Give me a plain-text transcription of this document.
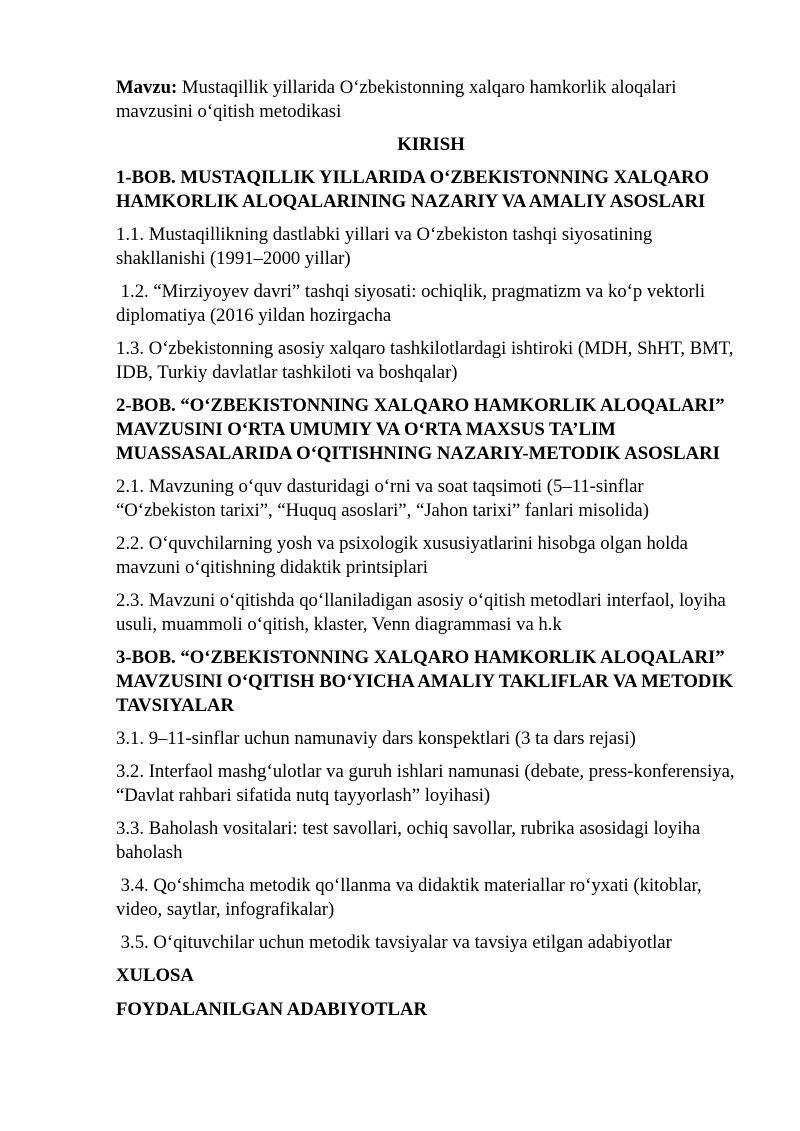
Mavzu: Mustaqillik yillarida O‘zbekistonning xalqaro hamkorlik aloqalari mavzusini o‘qitish metodikasi

KIRISH

1-BOB. MUSTAQILLIK YILLARIDA O‘ZBEKISTONNING XALQARO HAMKORLIK ALOQALARINING NAZARIY VA AMALIY ASOSLARI

1.1. Mustaqillikning dastlabki yillari va O‘zbekiston tashqi siyosatining shakllanishi (1991–2000 yillar)

1.2. “Mirziyoyev davri” tashqi siyosati: ochiqlik, pragmatizm va ko‘p vektorli diplomatiya (2016 yildan hozirgacha

1.3. O‘zbekistonning asosiy xalqaro tashkilotlardagi ishtiroki (MDH, ShHT, BMT, IDB, Turkiy davlatlar tashkiloti va boshqalar)

2-BOB. “O‘ZBEKISTONNING XALQARO HAMKORLIK ALOQALARI” MAVZUSINI O‘RTA UMUMIY VA O‘RTA MAXSUS TA’LIM MUASSASALARIDA O‘QITISHNING NAZARIY-METODIK ASOSLARI

2.1. Mavzuning o‘quv dasturidagi o‘rni va soat taqsimoti (5–11-sinflar “O‘zbekiston tarixi”, “Huquq asoslari”, “Jahon tarixi” fanlari misolida)

2.2. O‘quvchilarning yosh va psixologik xususiyatlarini hisobga olgan holda mavzuni o‘qitishning didaktik printsiplari

2.3. Mavzuni o‘qitishda qo‘llaniladigan asosiy o‘qitish metodlari interfaol, loyiha usuli, muammoli o‘qitish, klaster, Venn diagrammasi va h.k

3-BOB. “O‘ZBEKISTONNING XALQARO HAMKORLIK ALOQALARI” MAVZUSINI O‘QITISH BO‘YICHA AMALIY TAKLIFLAR VA METODIK TAVSIYALAR

3.1. 9–11-sinflar uchun namunaviy dars konspektlari (3 ta dars rejasi)

3.2. Interfaol mashg‘ulotlar va guruh ishlari namunasi (debate, press-konferensiya, “Davlat rahbari sifatida nutq tayyorlash” loyihasi)

3.3. Baholash vositalari: test savollari, ochiq savollar, rubrika asosidagi loyiha baholash

3.4. Qo‘shimcha metodik qo‘llanma va didaktik materiallar ro‘yxati (kitoblar, video, saytlar, infografikalar)

3.5. O‘qituvchilar uchun metodik tavsiyalar va tavsiya etilgan adabiyotlar

XULOSA

FOYDALANILGAN ADABIYOTLAR
